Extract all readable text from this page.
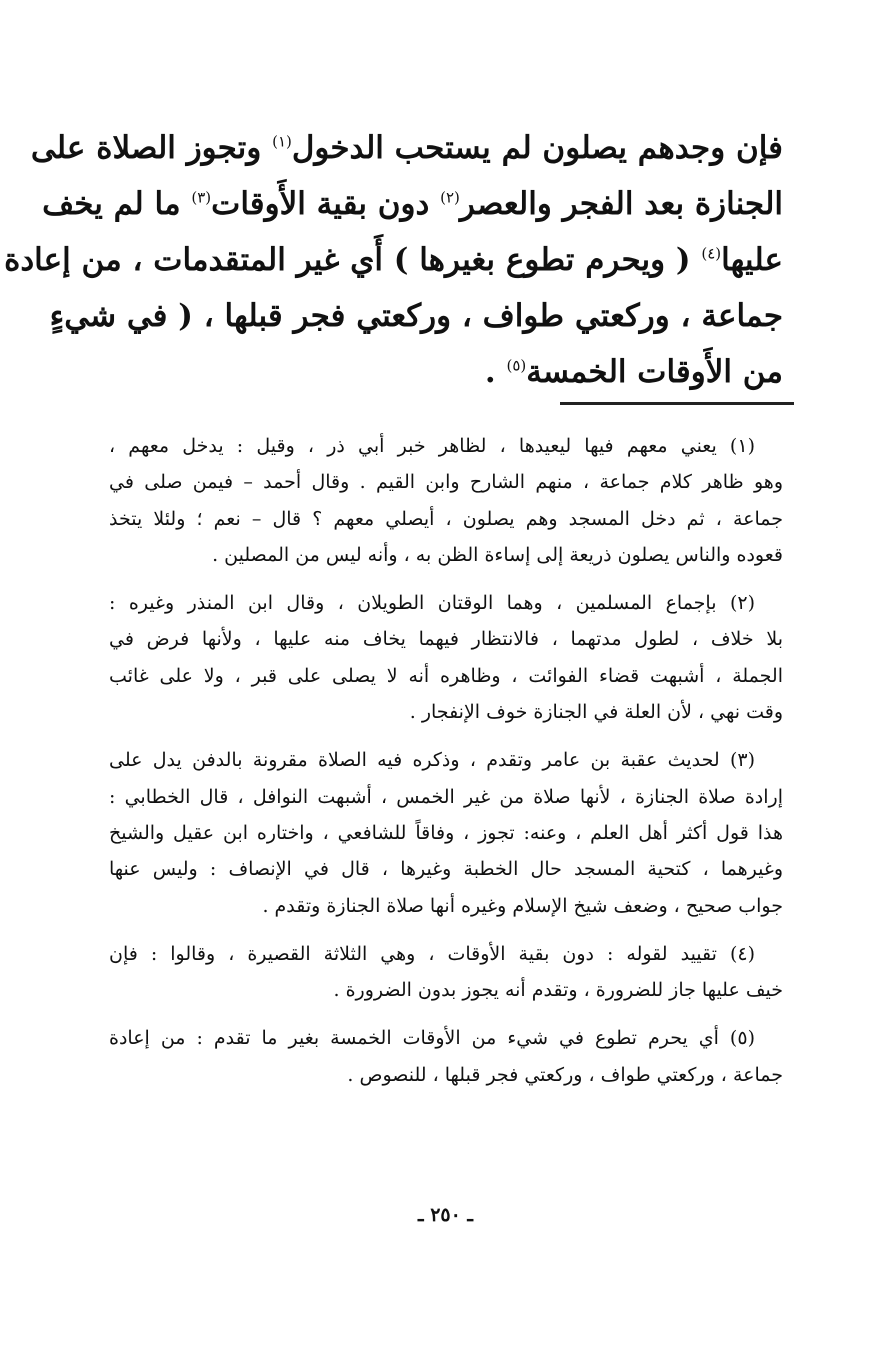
فإن وجدهم يصلون لم يستحب الدخول$^{(١)}$ وتجوز الصلاة على
الجنازة بعد الفجر والعصر$^{(٢)}$ دون بقية الأَوقات$^{(٣)}$ ما لم يخف
عليها$^{(٤)}$ ( ويحرم تطوع بغيرها ) أَي غير المتقدمات ، من إعادة
جماعة ، وركعتي طواف ، وركعتي فجر قبلها ، ( في شيءٍ
من الأَوقات الخمسة$^{(٥)}$ .
(١) يعني معهم فيها ليعيدها ، لظاهر خبر أبي ذر ، وقيل : يدخل معهم ،
وهو ظاهر كلام جماعة ، منهم الشارح وابن القيم . وقال أحمد – فيمن صلى في
جماعة ، ثم دخل المسجد وهم يصلون ، أيصلي معهم ؟ قال – نعم ؛ ولئلا يتخذ
قعوده والناس يصلون ذريعة إلى إساءة الظن به ، وأنه ليس من المصلين .
(٢) بإجماع المسلمين ، وهما الوقتان الطويلان ، وقال ابن المنذر وغيره :
بلا خلاف ، لطول مدتهما ، فالانتظار فيهما يخاف منه عليها ، ولأنها فرض في
الجملة ، أشبهت قضاء الفوائت ، وظاهره أنه لا يصلى على قبر ، ولا على غائب
وقت نهي ، لأن العلة في الجنازة خوف الإنفجار .
(٣) لحديث عقبة بن عامر وتقدم ، وذكره فيه الصلاة مقرونة بالدفن يدل على
إرادة صلاة الجنازة ، لأنها صلاة من غير الخمس ، أشبهت النوافل ، قال الخطابي :
هذا قول أكثر أهل العلم ، وعنه: تجوز ، وفاقاً للشافعي ، واختاره ابن عقيل والشيخ
وغيرهما ، كتحية المسجد حال الخطبة وغيرها ، قال في الإنصاف : وليس عنها
جواب صحيح ، وضعف شيخ الإسلام وغيره أنها صلاة الجنازة وتقدم .
(٤) تقييد لقوله : دون بقية الأوقات ، وهي الثلاثة القصيرة ، وقالوا : فإن
خيف عليها جاز للضرورة ، وتقدم أنه يجوز بدون الضرورة .
(٥) أي يحرم تطوع في شيء من الأوقات الخمسة بغير ما تقدم : من إعادة
جماعة ، وركعتي طواف ، وركعتي فجر قبلها ، للنصوص .
ـ ٢٥٠ ـ
